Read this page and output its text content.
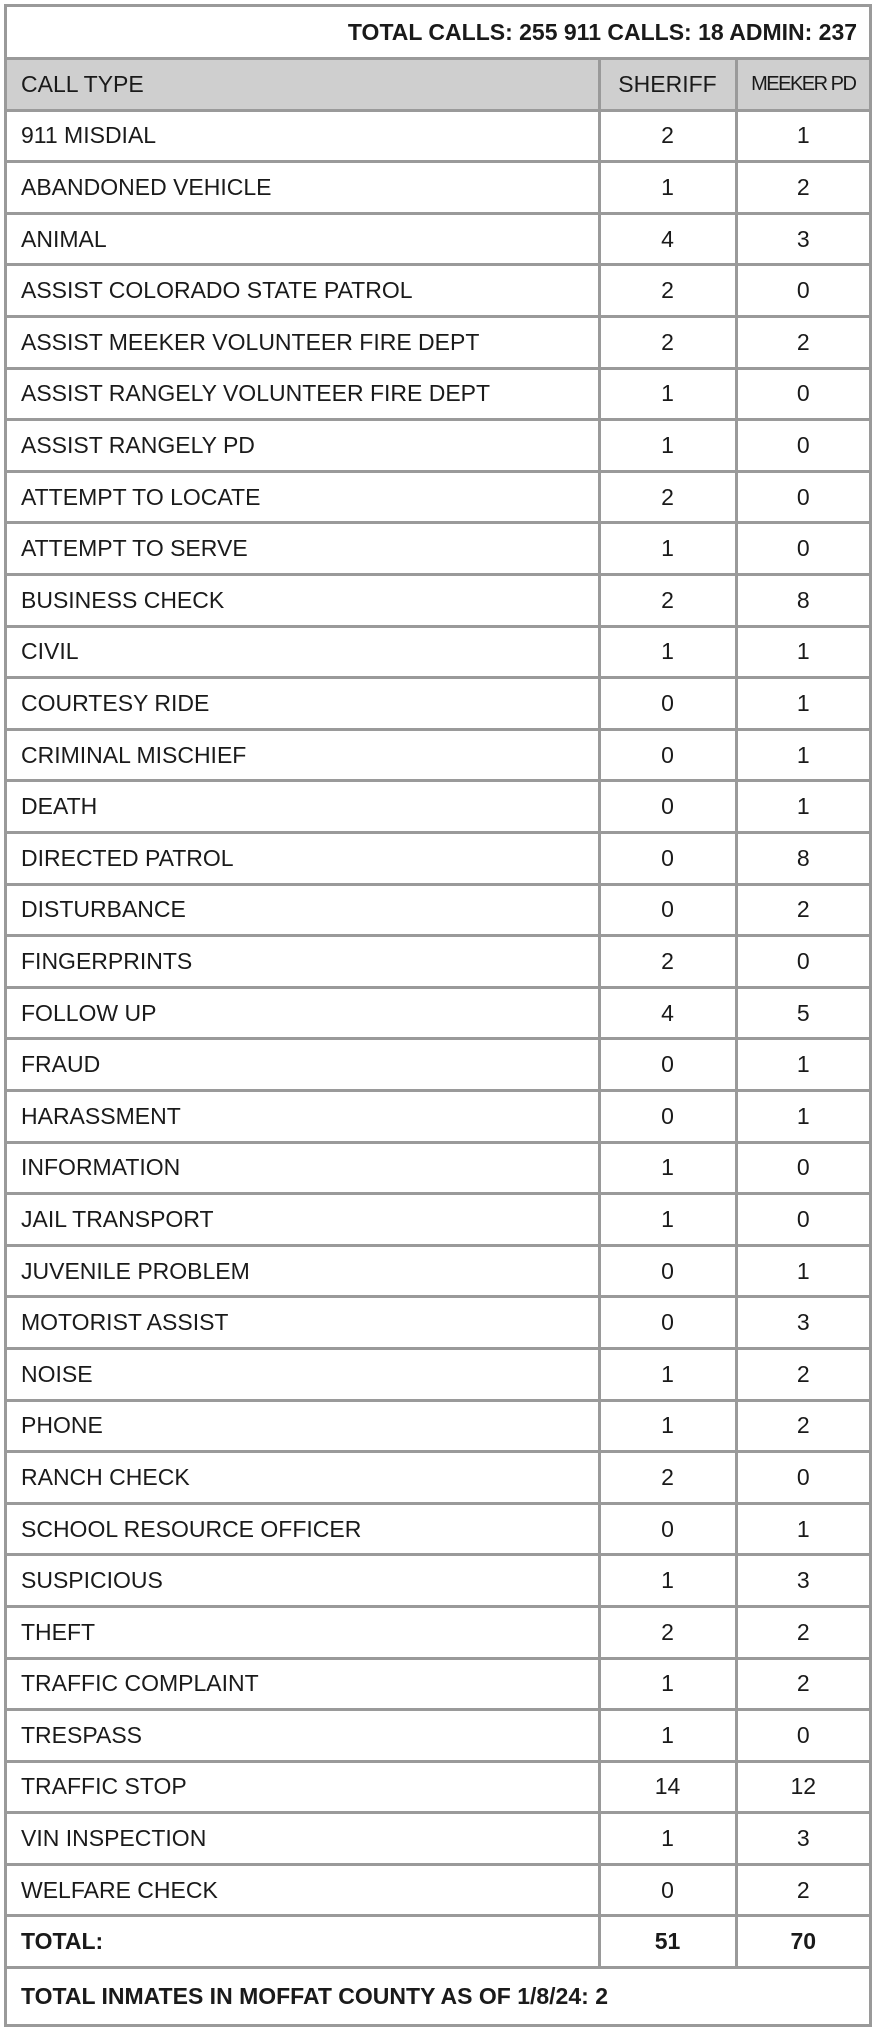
TOTAL CALLS: 255 911 CALLS: 18 ADMIN: 237		
CALL TYPE	SHERIFF	MEEKER PD
911 MISDIAL	2	1
ABANDONED VEHICLE	1	2
ANIMAL	4	3
ASSIST COLORADO STATE PATROL	2	0
ASSIST MEEKER VOLUNTEER FIRE DEPT	2	2
ASSIST RANGELY VOLUNTEER FIRE DEPT	1	0
ASSIST RANGELY PD	1	0
ATTEMPT TO LOCATE	2	0
ATTEMPT TO SERVE	1	0
BUSINESS CHECK	2	8
CIVIL	1	1
COURTESY RIDE	0	1
CRIMINAL MISCHIEF	0	1
DEATH	0	1
DIRECTED PATROL	0	8
DISTURBANCE	0	2
FINGERPRINTS	2	0
FOLLOW UP	4	5
FRAUD	0	1
HARASSMENT	0	1
INFORMATION	1	0
JAIL TRANSPORT	1	0
JUVENILE PROBLEM	0	1
MOTORIST ASSIST	0	3
NOISE	1	2
PHONE	1	2
RANCH CHECK	2	0
SCHOOL RESOURCE OFFICER	0	1
SUSPICIOUS	1	3
THEFT	2	2
TRAFFIC COMPLAINT	1	2
TRESPASS	1	0
TRAFFIC STOP	14	12
VIN INSPECTION	1	3
WELFARE CHECK	0	2
TOTAL:	51	70
TOTAL INMATES IN MOFFAT COUNTY AS OF 1/8/24: 2		
